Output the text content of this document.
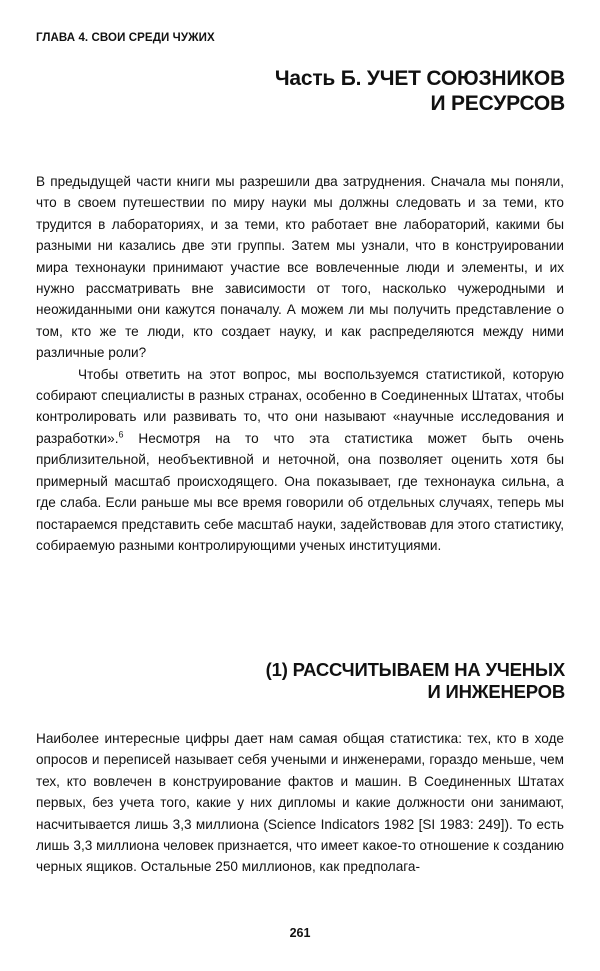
ГЛАВА 4. СВОИ СРЕДИ ЧУЖИХ
Часть Б. УЧЕТ СОЮЗНИКОВ
И РЕСУРСОВ

В предыдущей части книги мы разрешили два затруднения. Сначала мы поняли, что в своем путешествии по миру науки мы должны следовать и за теми, кто трудится в лабораториях, и за теми, кто работает вне лабораторий, какими бы разными ни казались две эти группы. Затем мы узнали, что в конструировании мира технонауки принимают участие все вовлеченные люди и элементы, и их нужно рассматривать вне зависимости от того, насколько чужеродными и неожиданными они кажутся поначалу. А можем ли мы получить представление о том, кто же те люди, кто создает науку, и как распределяются между ними различные роли?

Чтобы ответить на этот вопрос, мы воспользуемся статистикой, которую собирают специалисты в разных странах, особенно в Соединенных Штатах, чтобы контролировать или развивать то, что они называют «научные исследования и разработки».$^6$ Несмотря на то что эта статистика может быть очень приблизительной, необъективной и неточной, она позволяет оценить хотя бы примерный масштаб происходящего. Она показывает, где технонаука сильна, а где слаба. Если раньше мы все время говорили об отдельных случаях, теперь мы постараемся представить себе масштаб науки, задействовав для этого статистику, собираемую разными контролирующими ученых институциями.

(1) РАССЧИТЫВАЕМ НА УЧЕНЫХ
И ИНЖЕНЕРОВ

Наиболее интересные цифры дает нам самая общая статистика: тех, кто в ходе опросов и переписей называет себя учеными и инженерами, гораздо меньше, чем тех, кто вовлечен в конструирование фактов и машин. В Соединенных Штатах первых, без учета того, какие у них дипломы и какие должности они занимают, насчитывается лишь 3,3 миллиона (Science Indicators 1982 [SI 1983: 249]). То есть лишь 3,3 миллиона человек признается, что имеет какое-то отношение к созданию черных ящиков. Остальные 250 миллионов, как предполага-

261
